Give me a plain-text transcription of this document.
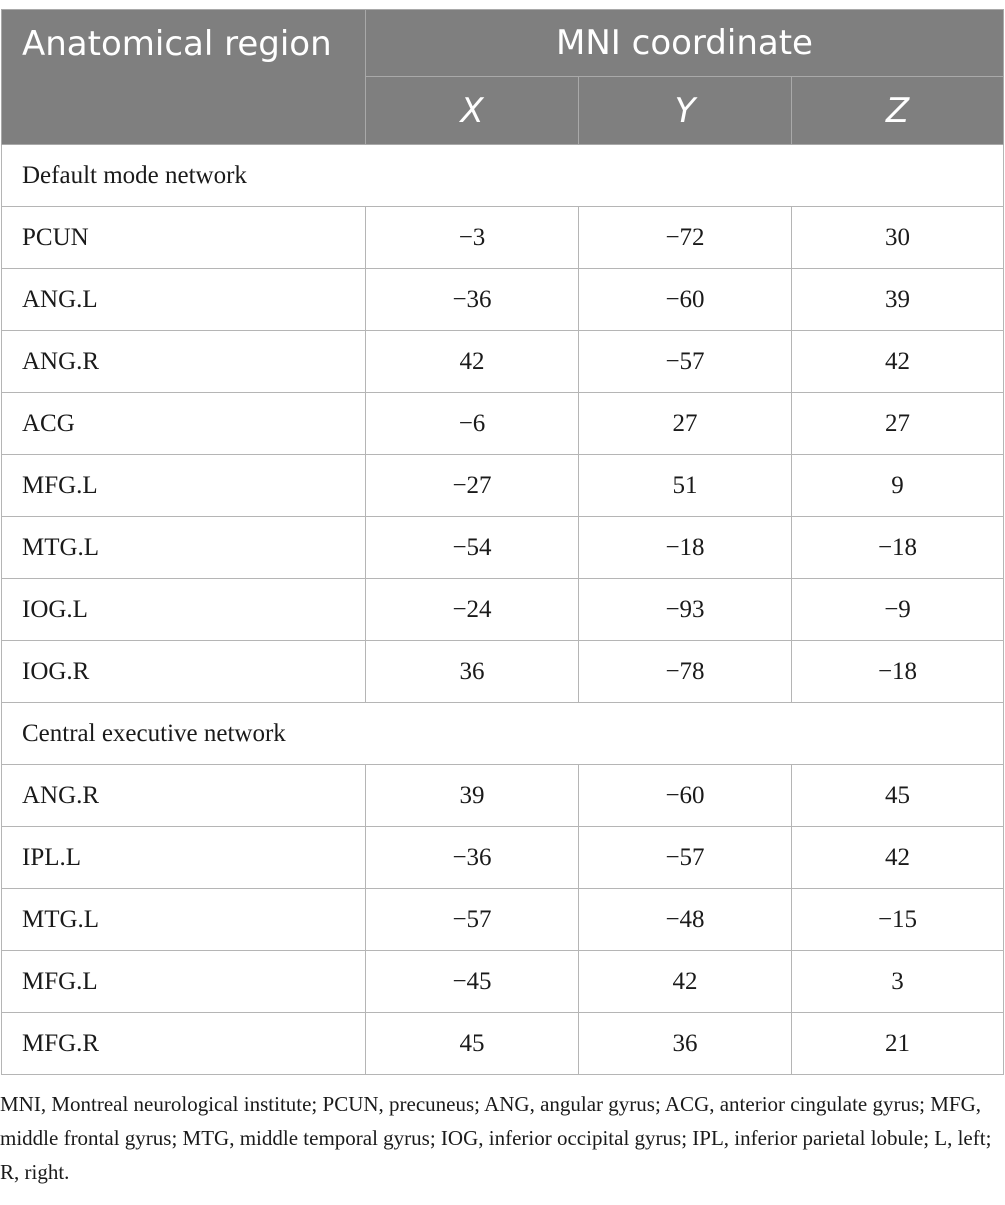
Anatomical region	MNI coordinate		
	X	Y	Z
Default mode network			
PCUN	−3	−72	30
ANG.L	−36	−60	39
ANG.R	42	−57	42
ACG	−6	27	27
MFG.L	−27	51	9
MTG.L	−54	−18	−18
IOG.L	−24	−93	−9
IOG.R	36	−78	−18
Central executive network			
ANG.R	39	−60	45
IPL.L	−36	−57	42
MTG.L	−57	−48	−15
MFG.L	−45	42	3
MFG.R	45	36	21

MNI, Montreal neurological institute; PCUN, precuneus; ANG, angular gyrus; ACG, anterior cingulate gyrus; MFG, middle frontal gyrus; MTG, middle temporal gyrus; IOG, inferior occipital gyrus; IPL, inferior parietal lobule; L, left; R, right.
